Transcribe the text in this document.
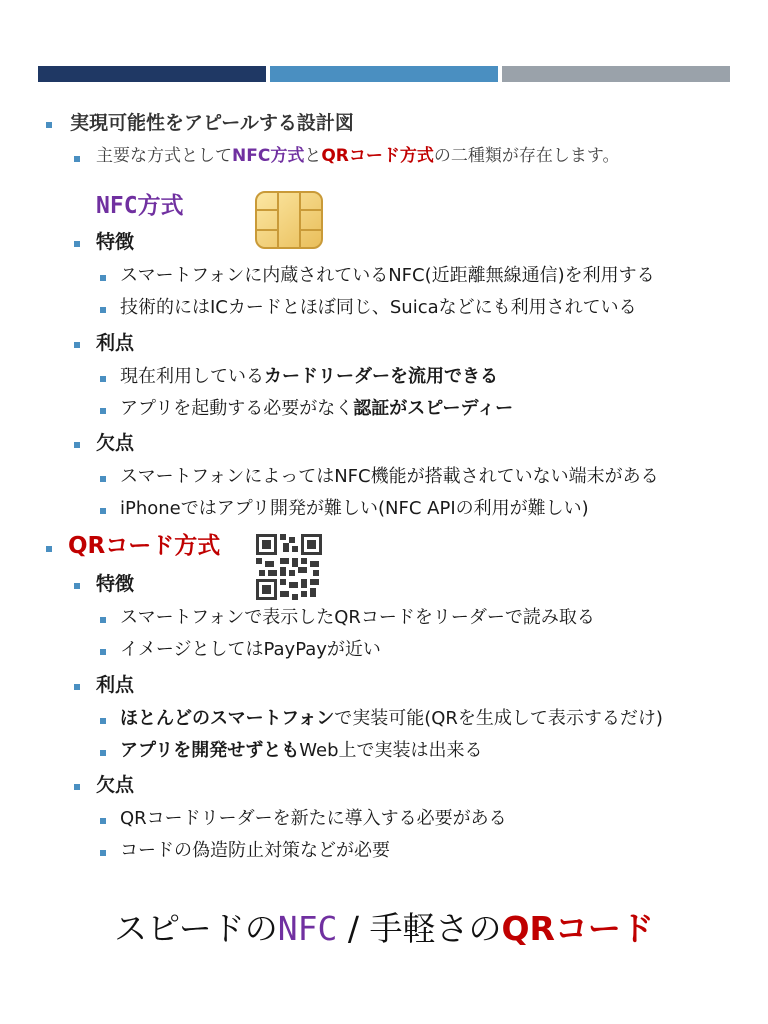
実現可能性をアピールする設計図
主要な方式としてNFC方式とQRコード方式の二種類が存在します。
NFC方式
特徴
スマートフォンに内蔵されているNFC(近距離無線通信)を利用する
技術的にはICカードとほぼ同じ、Suicaなどにも利用されている
利点
現在利用しているカードリーダーを流用できる
アプリを起動する必要がなく認証がスピーディー
欠点
スマートフォンによってはNFC機能が搭載されていない端末がある
iPhoneではアプリ開発が難しい(NFC APIの利用が難しい)
QRコード方式
特徴
スマートフォンで表示したQRコードをリーダーで読み取る
イメージとしてはPayPayが近い
利点
ほとんどのスマートフォンで実装可能(QRを生成して表示するだけ)
アプリを開発せずともWeb上で実装は出来る
欠点
QRコードリーダーを新たに導入する必要がある
コードの偽造防止対策などが必要
スピードのNFC / 手軽さのQRコード
